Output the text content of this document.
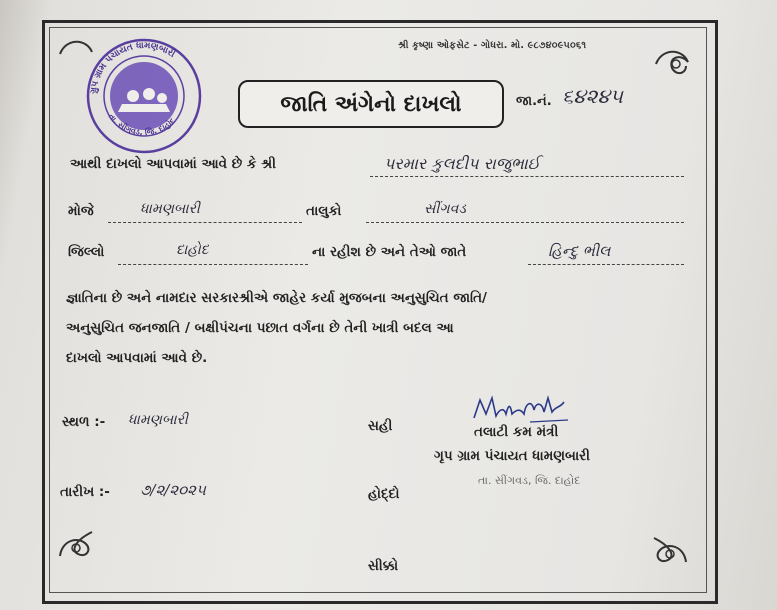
શ્રી કૃષ્ણા ઓફસેટ - ગોધરા. મો. ૯૮૭૪૦૯૫૦૬૧
ગ્રુપ ગ્રામ પંચાયત ધામણબારી
તા. સીંગવડ, જિ. દાહોદ
જાતિ અંગેનો દાખલો	જા.નં. ૬૪૨૪૫
આથી દાખલો આપવામાં આવે છે કે શ્રી	પરમાર કુલદીપ રાજુભાઈ
મોજે	ધામણબારી	તાલુકો	સીંગવડ
જિલ્લો	દાહોદ	ના રહીશ છે અને તેઓ જાતે	હિન્દુ ભીલ
જ્ઞાતિના છે અને નામદાર સરકારશ્રીએ જાહેર કર્યા મુજબના અનુસુચિત જાતિ/
અનુસુચિત જનજાતિ / બક્ષીપંચના પછાત વર્ગના છે તેની ખાત્રી બદલ આ
દાખલો આપવામાં આવે છે.
સ્થળ :- ધામણબારી	સહી	તલાટી કમ મંત્રી
ગૃપ ગ્રામ પંચાયત ધામણબારી
તા. સીંગવડ, જિ. દાહોદ
તારીખ :- ૭/૨/૨૦૨૫	હોદ્દો
સીક્કો
